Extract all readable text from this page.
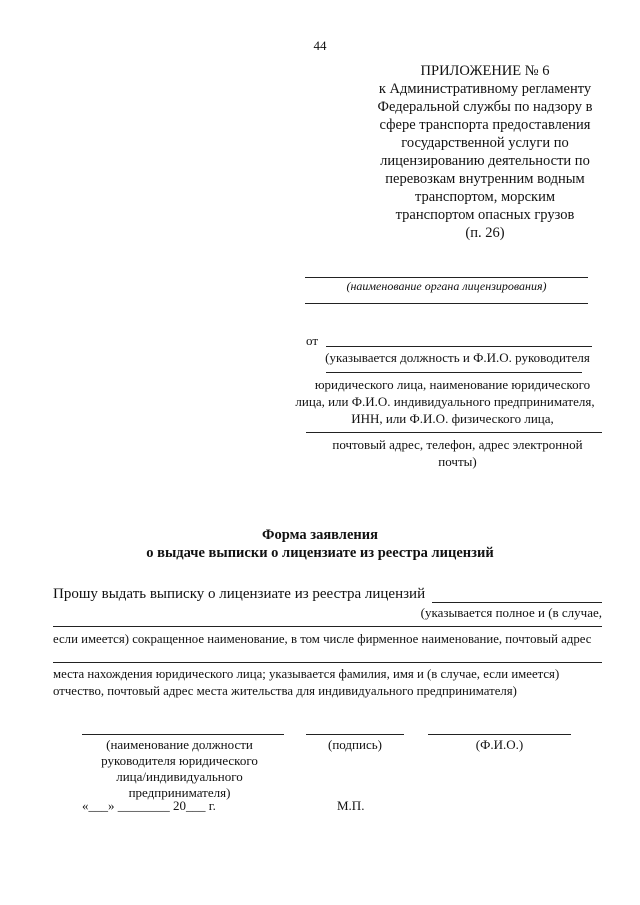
44
ПРИЛОЖЕНИЕ № 6
к Административному регламенту
Федеральной службы по надзору в
сфере транспорта предоставления
государственной услуги по
лицензированию деятельности по
перевозкам внутренним водным
транспортом, морским
транспортом опасных грузов
(п. 26)
(наименование органа лицензирования)
от
(указывается должность и Ф.И.О. руководителя
юридического лица, наименование юридического
лица, или Ф.И.О. индивидуального предпринимателя,
ИНН, или Ф.И.О. физического лица,
почтовый адрес, телефон, адрес электронной
почты)
Форма заявления
о выдаче выписки о лицензиате из реестра лицензий
Прошу выдать выписку о лицензиате из реестра лицензий
(указывается полное и (в случае,
если имеется) сокращенное наименование, в том числе фирменное наименование, почтовый адрес
места нахождения юридического лица; указывается фамилия, имя и (в случае, если имеется)
отчество, почтовый адрес места жительства для индивидуального предпринимателя)
(наименование должности руководителя юридического лица/индивидуального предпринимателя)
(подпись)	(Ф.И.О.)
«___» ________ 20___ г.	М.П.
